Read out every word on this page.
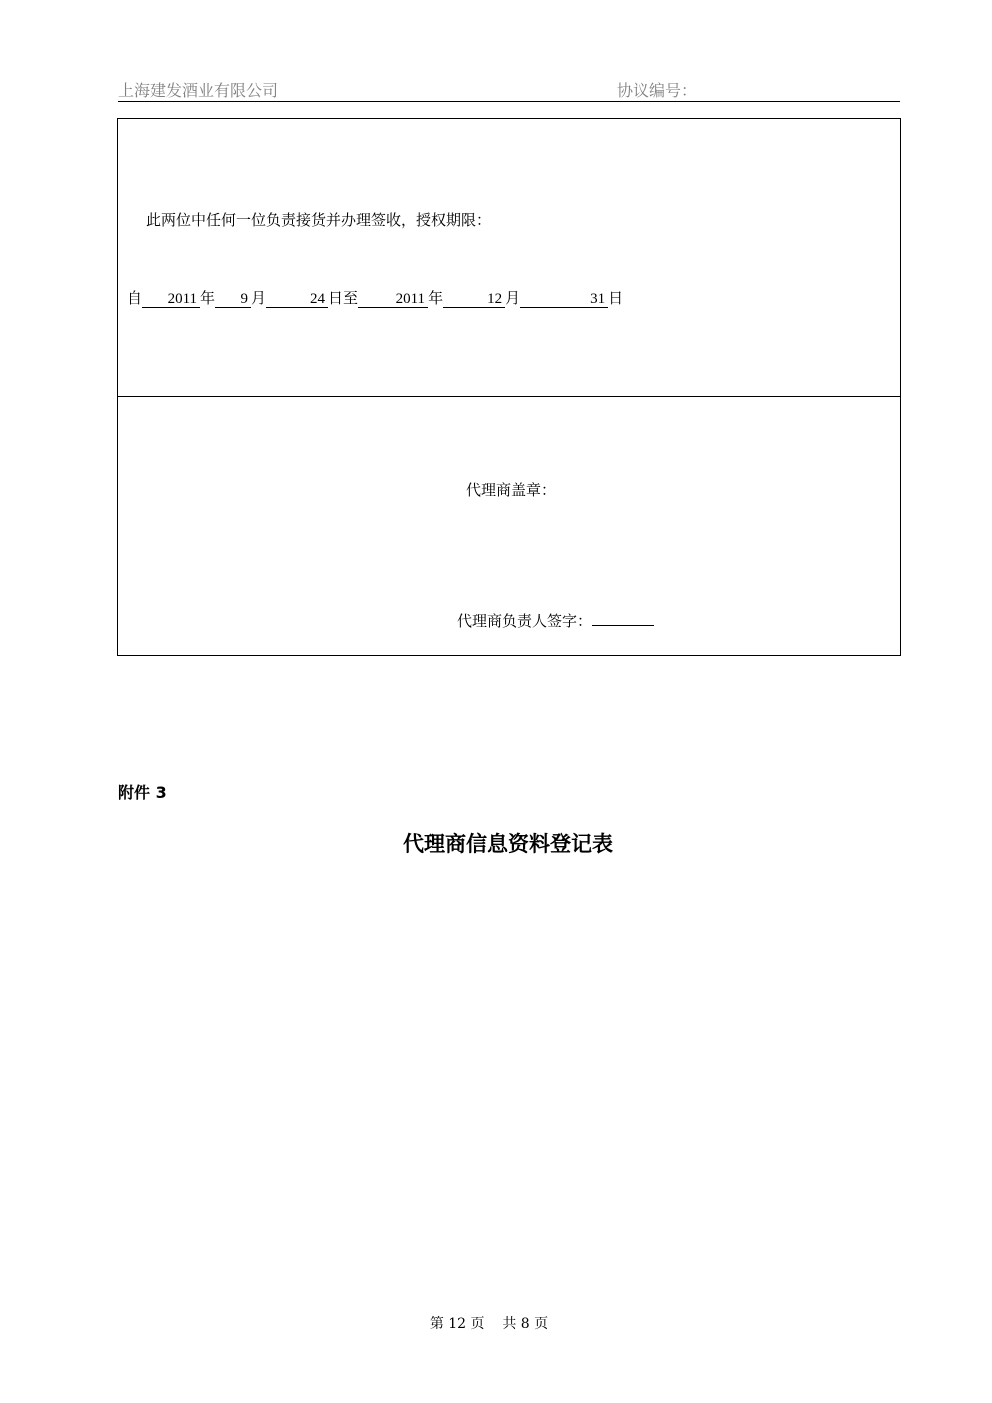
上海建发酒业有限公司	协议编号：
此两位中任何一位负责接货并办理签收，授权期限：
自 2011 年 9 月	24 日至	2011 年	12 月	31 日
代理商盖章：
代理商负责人签字：
附件 3
代理商信息资料登记表
第 12 页    共 8 页
